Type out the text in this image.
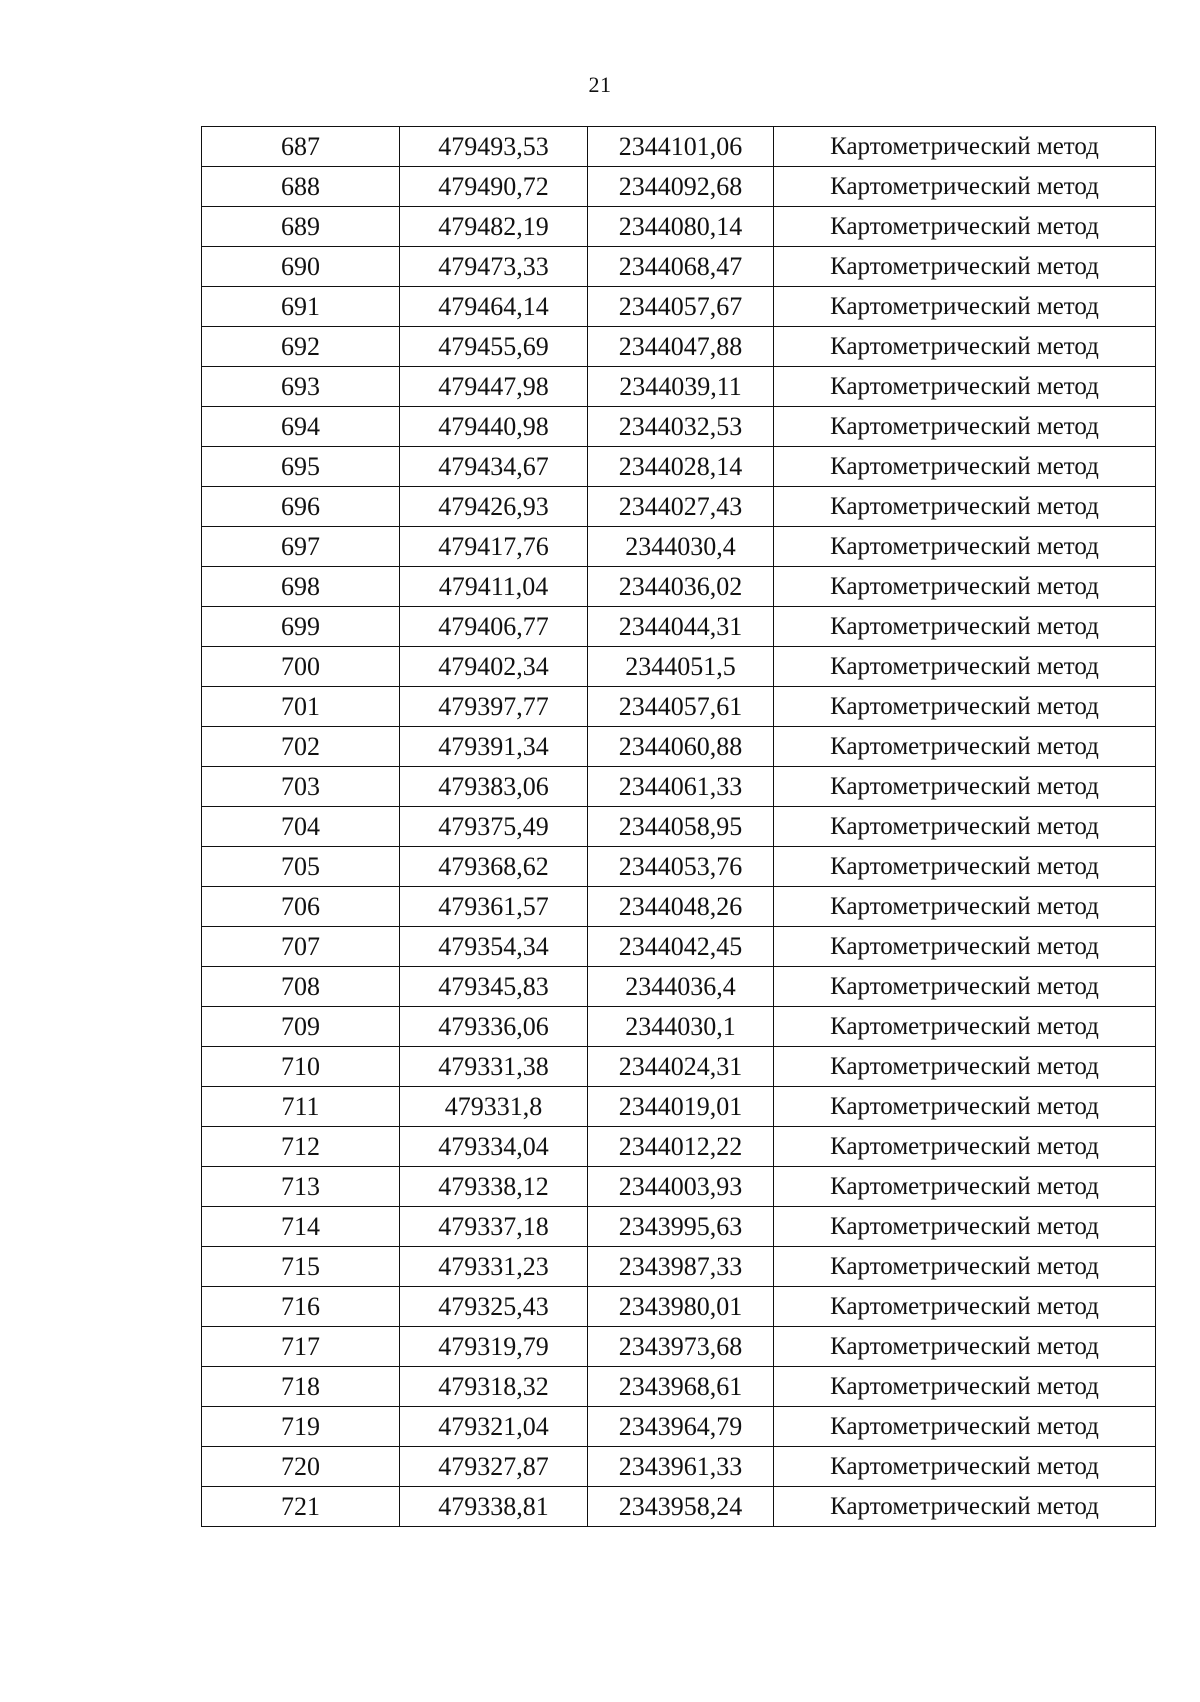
21
687	479493,53	2344101,06	Картометрический метод
688	479490,72	2344092,68	Картометрический метод
689	479482,19	2344080,14	Картометрический метод
690	479473,33	2344068,47	Картометрический метод
691	479464,14	2344057,67	Картометрический метод
692	479455,69	2344047,88	Картометрический метод
693	479447,98	2344039,11	Картометрический метод
694	479440,98	2344032,53	Картометрический метод
695	479434,67	2344028,14	Картометрический метод
696	479426,93	2344027,43	Картометрический метод
697	479417,76	2344030,4	Картометрический метод
698	479411,04	2344036,02	Картометрический метод
699	479406,77	2344044,31	Картометрический метод
700	479402,34	2344051,5	Картометрический метод
701	479397,77	2344057,61	Картометрический метод
702	479391,34	2344060,88	Картометрический метод
703	479383,06	2344061,33	Картометрический метод
704	479375,49	2344058,95	Картометрический метод
705	479368,62	2344053,76	Картометрический метод
706	479361,57	2344048,26	Картометрический метод
707	479354,34	2344042,45	Картометрический метод
708	479345,83	2344036,4	Картометрический метод
709	479336,06	2344030,1	Картометрический метод
710	479331,38	2344024,31	Картометрический метод
711	479331,8	2344019,01	Картометрический метод
712	479334,04	2344012,22	Картометрический метод
713	479338,12	2344003,93	Картометрический метод
714	479337,18	2343995,63	Картометрический метод
715	479331,23	2343987,33	Картометрический метод
716	479325,43	2343980,01	Картометрический метод
717	479319,79	2343973,68	Картометрический метод
718	479318,32	2343968,61	Картометрический метод
719	479321,04	2343964,79	Картометрический метод
720	479327,87	2343961,33	Картометрический метод
721	479338,81	2343958,24	Картометрический метод
